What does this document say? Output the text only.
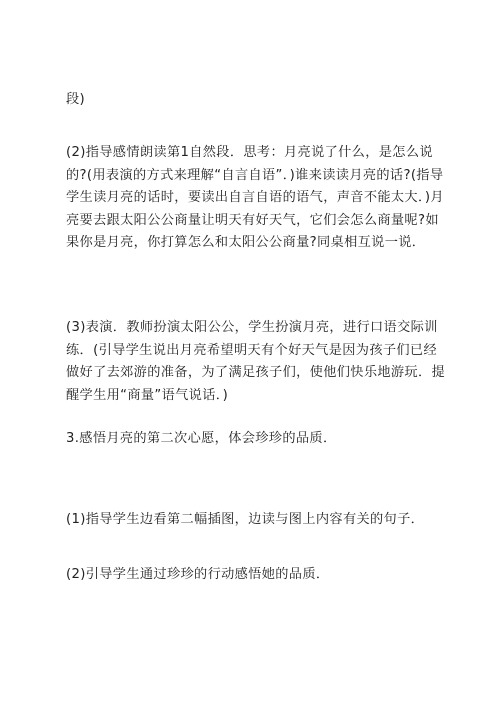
段)

(2)指导感情朗读第1自然段．思考：月亮说了什么，是怎么说的?(用表演的方式来理解“自言自语”．)谁来读读月亮的话?(指导学生读月亮的话时，要读出自言自语的语气，声音不能太大．)月亮要去跟太阳公公商量让明天有好天气，它们会怎么商量呢?如果你是月亮，你打算怎么和太阳公公商量?同桌相互说一说．

(3)表演．教师扮演太阳公公，学生扮演月亮，进行口语交际训练．(引导学生说出月亮希望明天有个好天气是因为孩子们已经做好了去郊游的准备，为了满足孩子们，使他们快乐地游玩．提醒学生用“商量”语气说话．)

3.感悟月亮的第二次心愿，体会珍珍的品质．

(1)指导学生边看第二幅插图，边读与图上内容有关的句子．

(2)引导学生通过珍珍的行动感悟她的品质．
